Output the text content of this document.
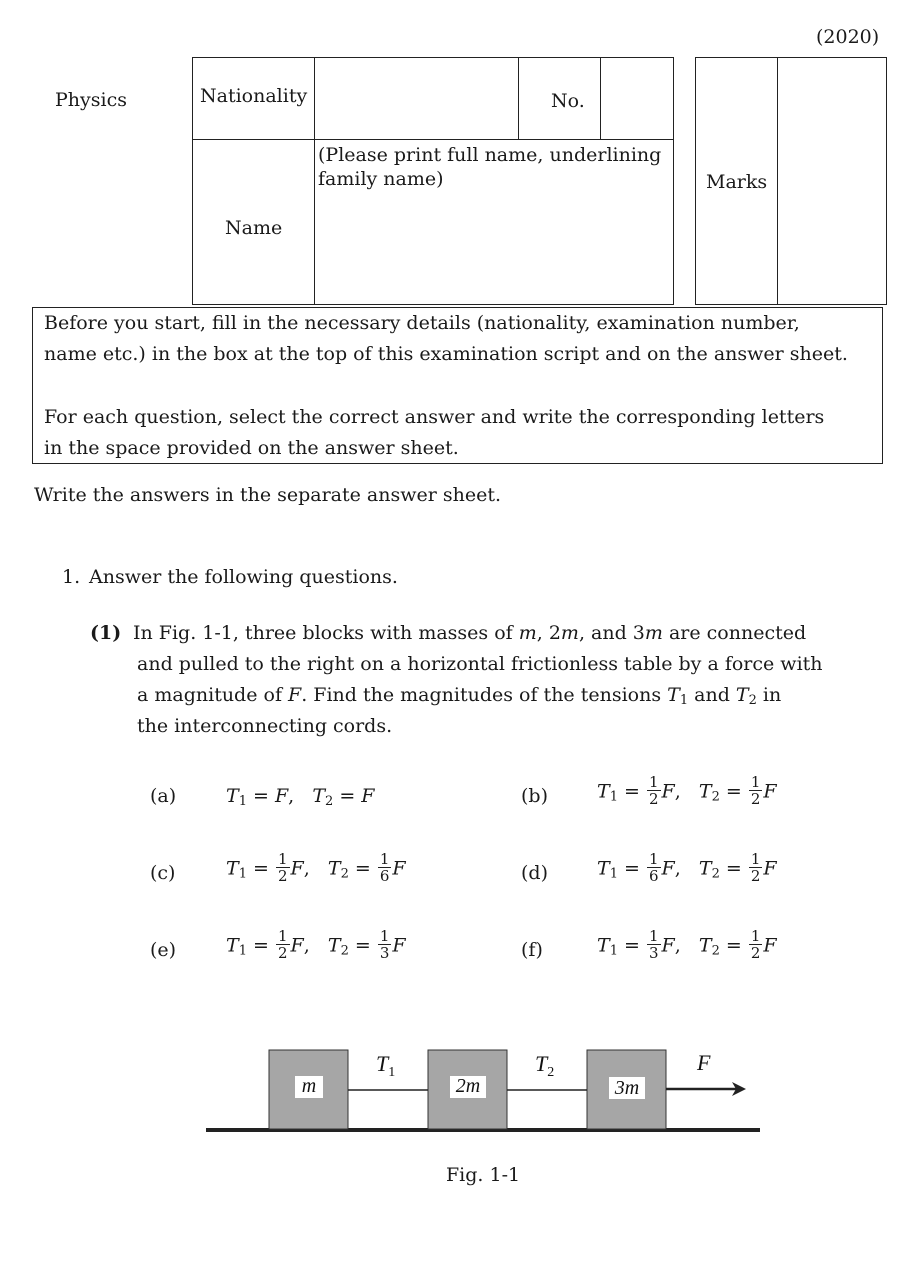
(2020)
Physics	Nationality	No.
Name
(Please print full name, underlining family name)	Marks
Before you start, fill in the necessary details (nationality, examination number,
name etc.) in the box at the top of this examination script and on the answer sheet.
For each question, select the correct answer and write the corresponding letters
in the space provided on the answer sheet.
Write the answers in the separate answer sheet.
1. Answer the following questions.
(1) In Fig. 1-1, three blocks with masses of m, 2m, and 3m are connected
and pulled to the right on a horizontal frictionless table by a force with
a magnitude of F. Find the magnitudes of the tensions $T_1$ and $T_2$ in
the interconnecting cords.
(a)	$T_1 = F$,   $T_2 = F$	(b)	$T_1 = \frac{1}{2} F$,   $T_2 = \frac{1}{2}$ F
(c)	$T_1 = \frac{1}{2} F$,   $T_2 = \frac{1}{6}$ F	(d)	$T_1 = \frac{1}{6} F$,   $T_2 = \frac{1}{2}$ F
(e)	$T_1 = \frac{1}{2} F$,   $T_2 = \frac{1}{3}$ F	(f)	$T_1 = \frac{1}{3} F$,   $T_2 = \frac{1}{2}$ F
m	2m	3m
$T_1$	$T_2$	F
Fig. 1-1
